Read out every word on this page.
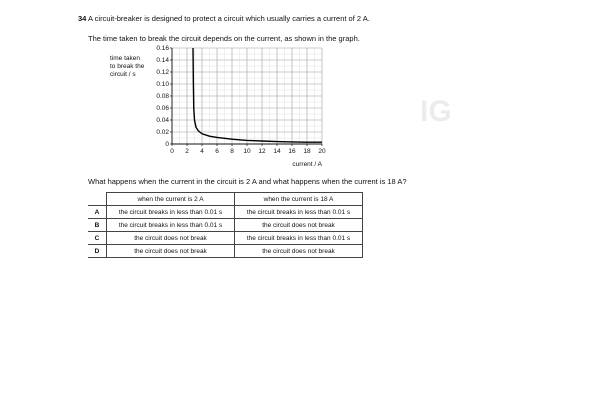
IG
34 A circuit-breaker is designed to protect a circuit which usually carries a current of 2 A.
The time taken to break the circuit depends on the current, as shown in the graph.
time taken
to break the
circuit / s
0
0.02
0.04
0.06
0.08
0.10
0.12
0.14
0.16
0 2 4 6 8 10 12 14 16 18 20
current / A
What happens when the current in the circuit is 2 A and what happens when the current is 18 A?
	when the current is 2 A	when the current is 18 A
A	the circuit breaks in less than 0.01 s	the circuit breaks in less than 0.01 s
B	the circuit breaks in less than 0.01 s	the circuit does not break
C	the circuit does not break	the circuit breaks in less than 0.01 s
D	the circuit does not break	the circuit does not break
